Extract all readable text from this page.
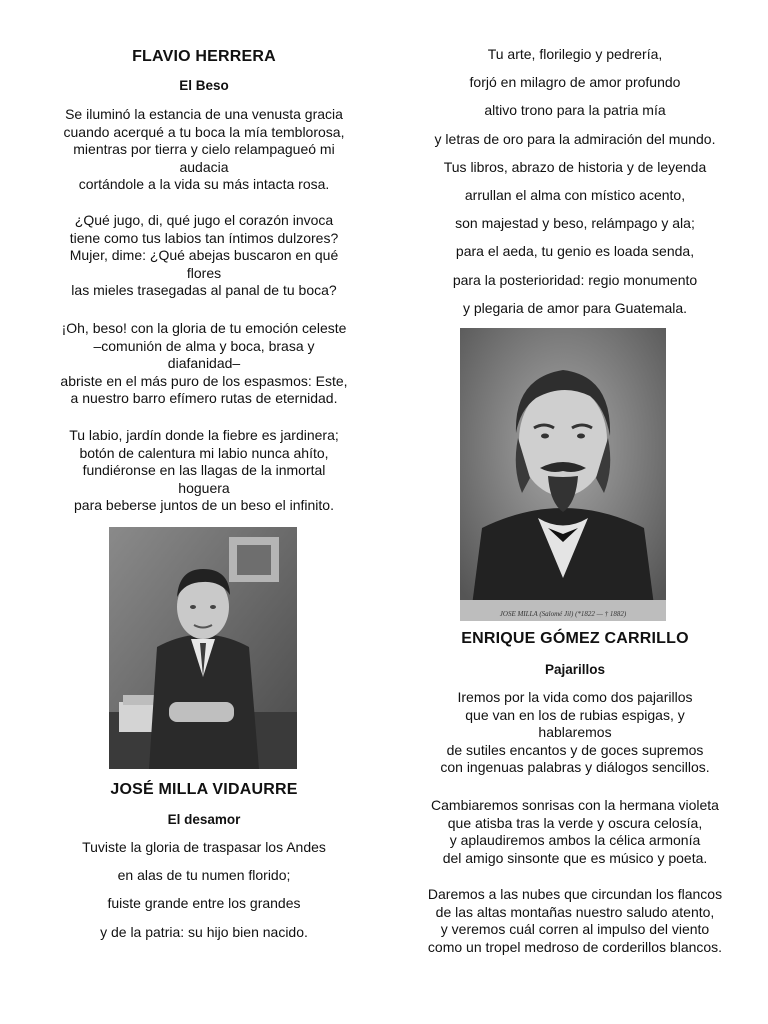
FLAVIO HERRERA
El Beso
Se iluminó la estancia de una venusta gracia
cuando acerqué a tu boca la mía temblorosa,
mientras por tierra y cielo relampagueó mi
audacia
cortándole a la vida su más intacta rosa.
¿Qué jugo, di, qué jugo el corazón invoca
tiene como tus labios tan íntimos dulzores?
Mujer, dime: ¿Qué abejas buscaron en qué
flores
las mieles trasegadas al panal de tu boca?
¡Oh, beso! con la gloria de tu emoción celeste
–comunión de alma y boca, brasa y
diafanidad–
abriste en el más puro de los espasmos: Este,
a nuestro barro efímero rutas de eternidad.
Tu labio, jardín donde la fiebre es jardinera;
botón de calentura mi labio nunca ahíto,
fundiéronse en las llagas de la inmortal
hoguera
para beberse juntos de un beso el infinito.
JOSÉ MILLA VIDAURRE
El desamor
Tuviste la gloria de traspasar los Andes
en alas de tu numen florido;
fuiste grande entre los grandes
y de la patria: su hijo bien nacido.
Tu arte, florilegio y pedrería,
forjó en milagro de amor profundo
altivo trono para la patria mía
y letras de oro para la admiración del mundo.
Tus libros, abrazo de historia y de leyenda
arrullan el alma con místico acento,
son majestad y beso, relámpago y ala;
para el aeda, tu genio es loada senda,
para la posterioridad: regio monumento
y plegaria de amor para Guatemala.
JOSE MILLA (Salomé Jil) (*1822 — † 1882)
ENRIQUE GÓMEZ CARRILLO
Pajarillos
Iremos por la vida como dos pajarillos
que van en los de rubias espigas, y
hablaremos
de sutiles encantos y de goces supremos
con ingenuas palabras y diálogos sencillos.
Cambiaremos sonrisas con la hermana violeta
que atisba tras la verde y oscura celosía,
y aplaudiremos ambos la célica armonía
del amigo sinsonte que es músico y poeta.
Daremos a las nubes que circundan los flancos
de las altas montañas nuestro saludo atento,
y veremos cuál corren al impulso del viento
como un tropel medroso de corderillos blancos.
